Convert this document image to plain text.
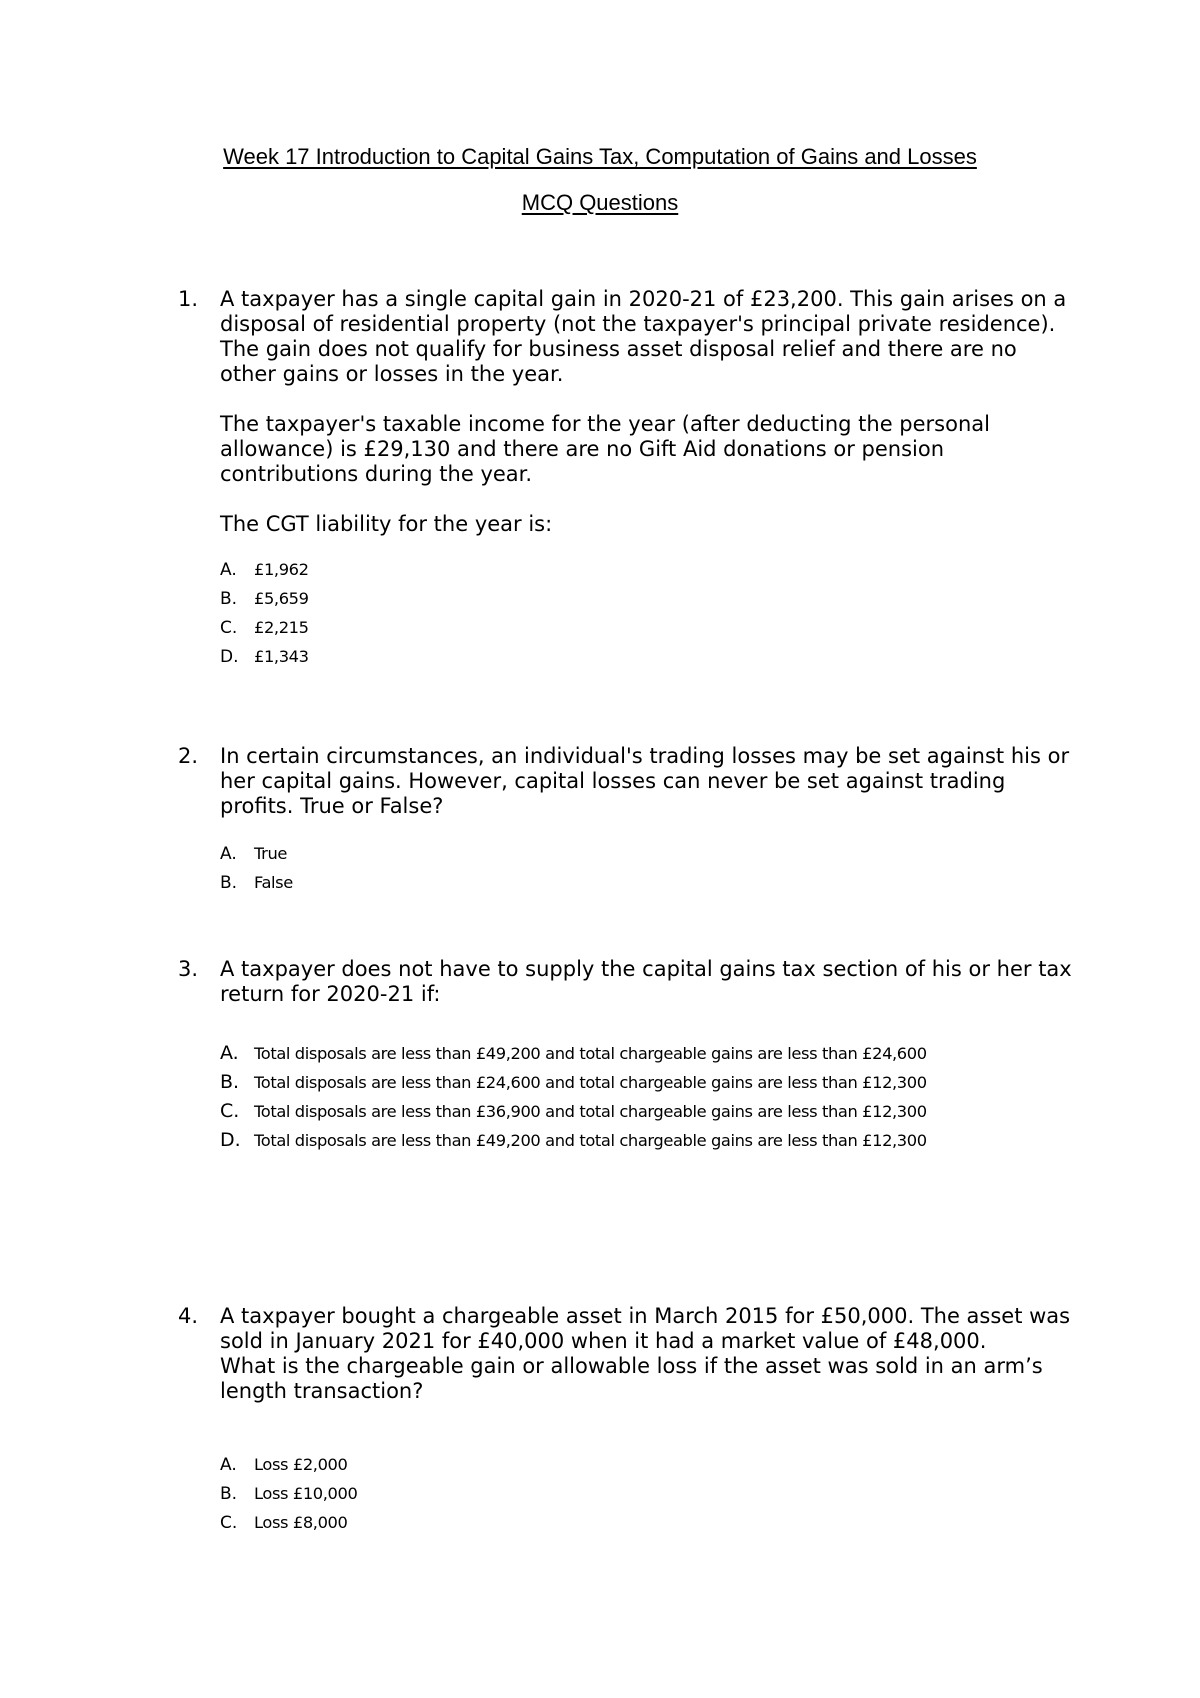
Week 17 Introduction to Capital Gains Tax, Computation of Gains and Losses
MCQ Questions
1. A taxpayer has a single capital gain in 2020-21 of £23,200. This gain arises on a disposal of residential property (not the taxpayer's principal private residence). The gain does not qualify for business asset disposal relief and there are no other gains or losses in the year.

The taxpayer's taxable income for the year (after deducting the personal allowance) is £29,130 and there are no Gift Aid donations or pension contributions during the year.

The CGT liability for the year is:

A. £1,962
B. £5,659
C. £2,215
D. £1,343
2. In certain circumstances, an individual's trading losses may be set against his or her capital gains. However, capital losses can never be set against trading profits. True or False?

A. True
B. False
3. A taxpayer does not have to supply the capital gains tax section of his or her tax return for 2020-21 if:

A. Total disposals are less than £49,200 and total chargeable gains are less than £24,600
B. Total disposals are less than £24,600 and total chargeable gains are less than £12,300
C. Total disposals are less than £36,900 and total chargeable gains are less than £12,300
D. Total disposals are less than £49,200 and total chargeable gains are less than £12,300
4. A taxpayer bought a chargeable asset in March 2015 for £50,000. The asset was sold in January 2021 for £40,000 when it had a market value of £48,000.

What is the chargeable gain or allowable loss if the asset was sold in an arm’s length transaction?

A. Loss £2,000
B. Loss £10,000
C. Loss £8,000
